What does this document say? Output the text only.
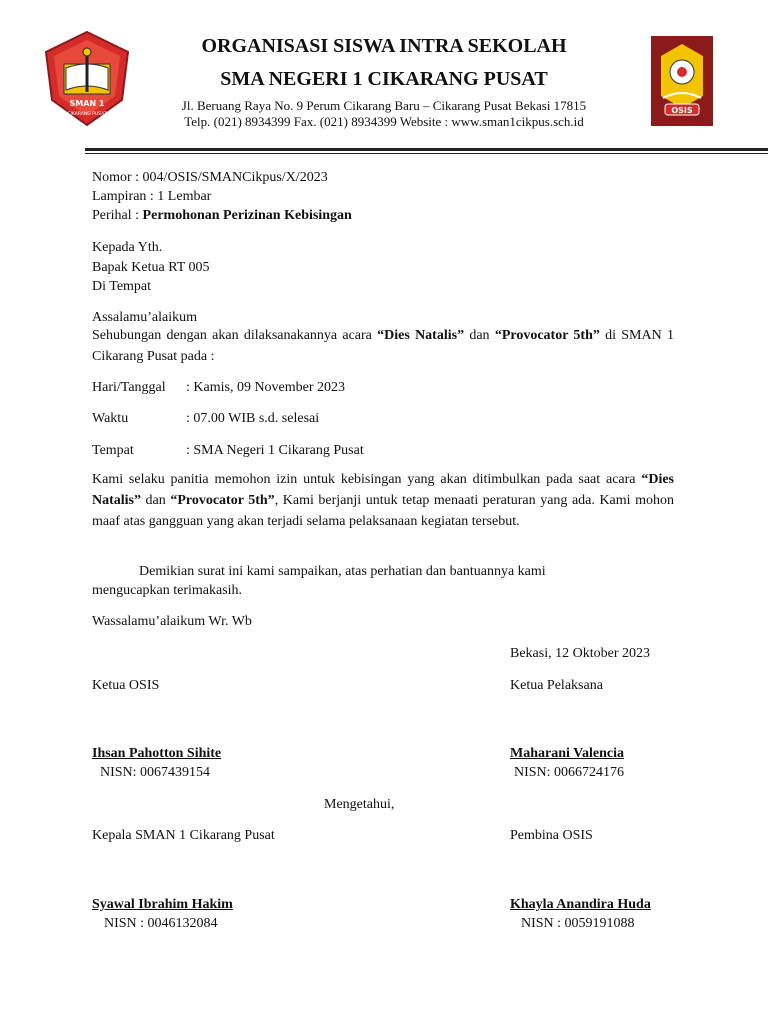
SMAN 1
CIKARANG PUSAT	OSIS
ORGANISASI SISWA INTRA SEKOLAH
SMA NEGERI 1 CIKARANG PUSAT
Jl. Beruang Raya No. 9 Perum Cikarang Baru – Cikarang Pusat Bekasi 17815
Telp. (021) 8934399 Fax. (021) 8934399 Website : www.sman1cikpus.sch.id
Nomor : 004/OSIS/SMANCikpus/X/2023
Lampiran : 1 Lembar
Perihal : Permohonan Perizinan Kebisingan
Kepada Yth.
Bapak Ketua RT 005
Di Tempat
Assalamu’alaikum
Sehubungan dengan akan dilaksanakannya acara “Dies Natalis” dan “Provocator 5th” di SMAN 1 Cikarang Pusat pada :
Hari/Tanggal : Kamis, 09 November 2023
Waktu	: 07.00 WIB s.d. selesai
Tempat	: SMA Negeri 1 Cikarang Pusat
Kami selaku panitia memohon izin untuk kebisingan yang akan ditimbulkan pada saat acara “Dies Natalis” dan “Provocator 5th”, Kami berjanji untuk tetap menaati peraturan yang ada. Kami mohon maaf atas gangguan yang akan terjadi selama pelaksanaan kegiatan tersebut.
Demikian surat ini kami sampaikan, atas perhatian dan bantuannya kami
mengucapkan terimakasih.
Wassalamu’alaikum Wr. Wb
Bekasi, 12 Oktober 2023
Ketua OSIS	Ketua Pelaksana
Ihsan Pahotton Sihite
NISN: 0067439154
Maharani Valencia
NISN: 0066724176
Mengetahui,
Kepala SMAN 1 Cikarang Pusat	Pembina OSIS
Syawal Ibrahim Hakim
NISN : 0046132084
Khayla Anandira Huda
NISN : 0059191088
